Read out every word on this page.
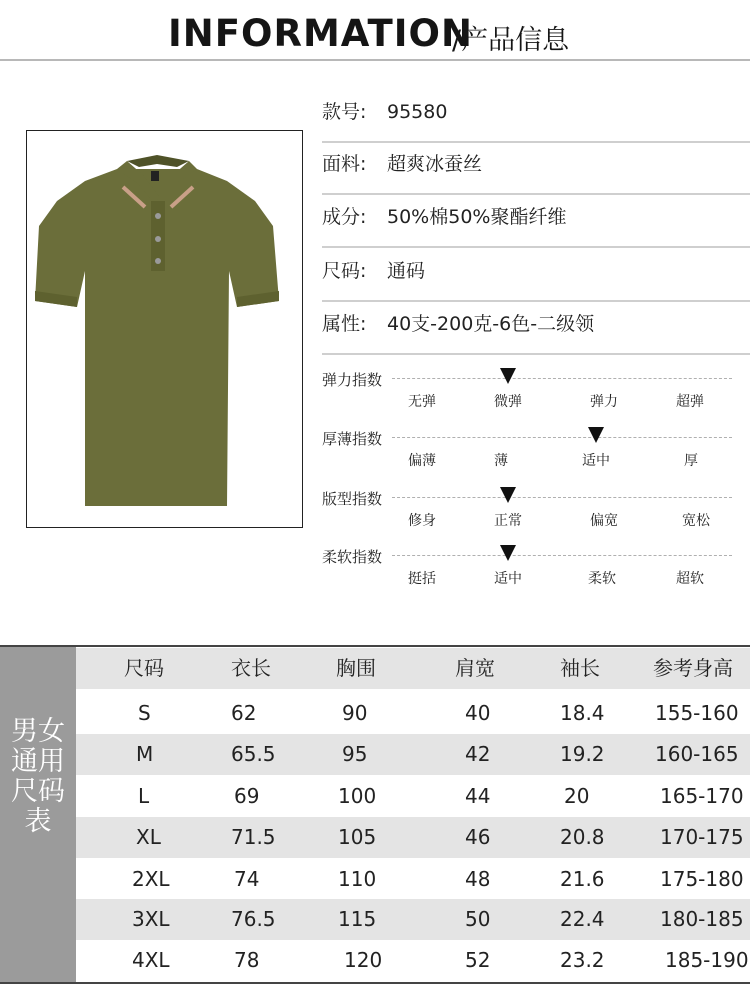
INFORMATION
/产品信息
款号: 95580
面料: 超爽冰蚕丝
成分: 50%棉50%聚酯纤维
尺码: 通码
属性: 40支-200克-6色-二级领
弹力指数
无弹	微弹	弹力	超弹
厚薄指数
偏薄	薄	适中	厚
版型指数
修身	正常	偏宽	宽松
柔软指数
挺括	适中	柔软	超软
男女通用尺码表
尺码	衣长	胸围	肩宽	袖长	参考身高
S	62	90	40	18.4	155-160
M	65.5	95	42	19.2	160-165
L	69	100	44	20	165-170
XL	71.5	105	46	20.8	170-175
2XL	74	110	48	21.6	175-180
3XL	76.5	115	50	22.4	180-185
4XL	78	120	52	23.2	185-190
